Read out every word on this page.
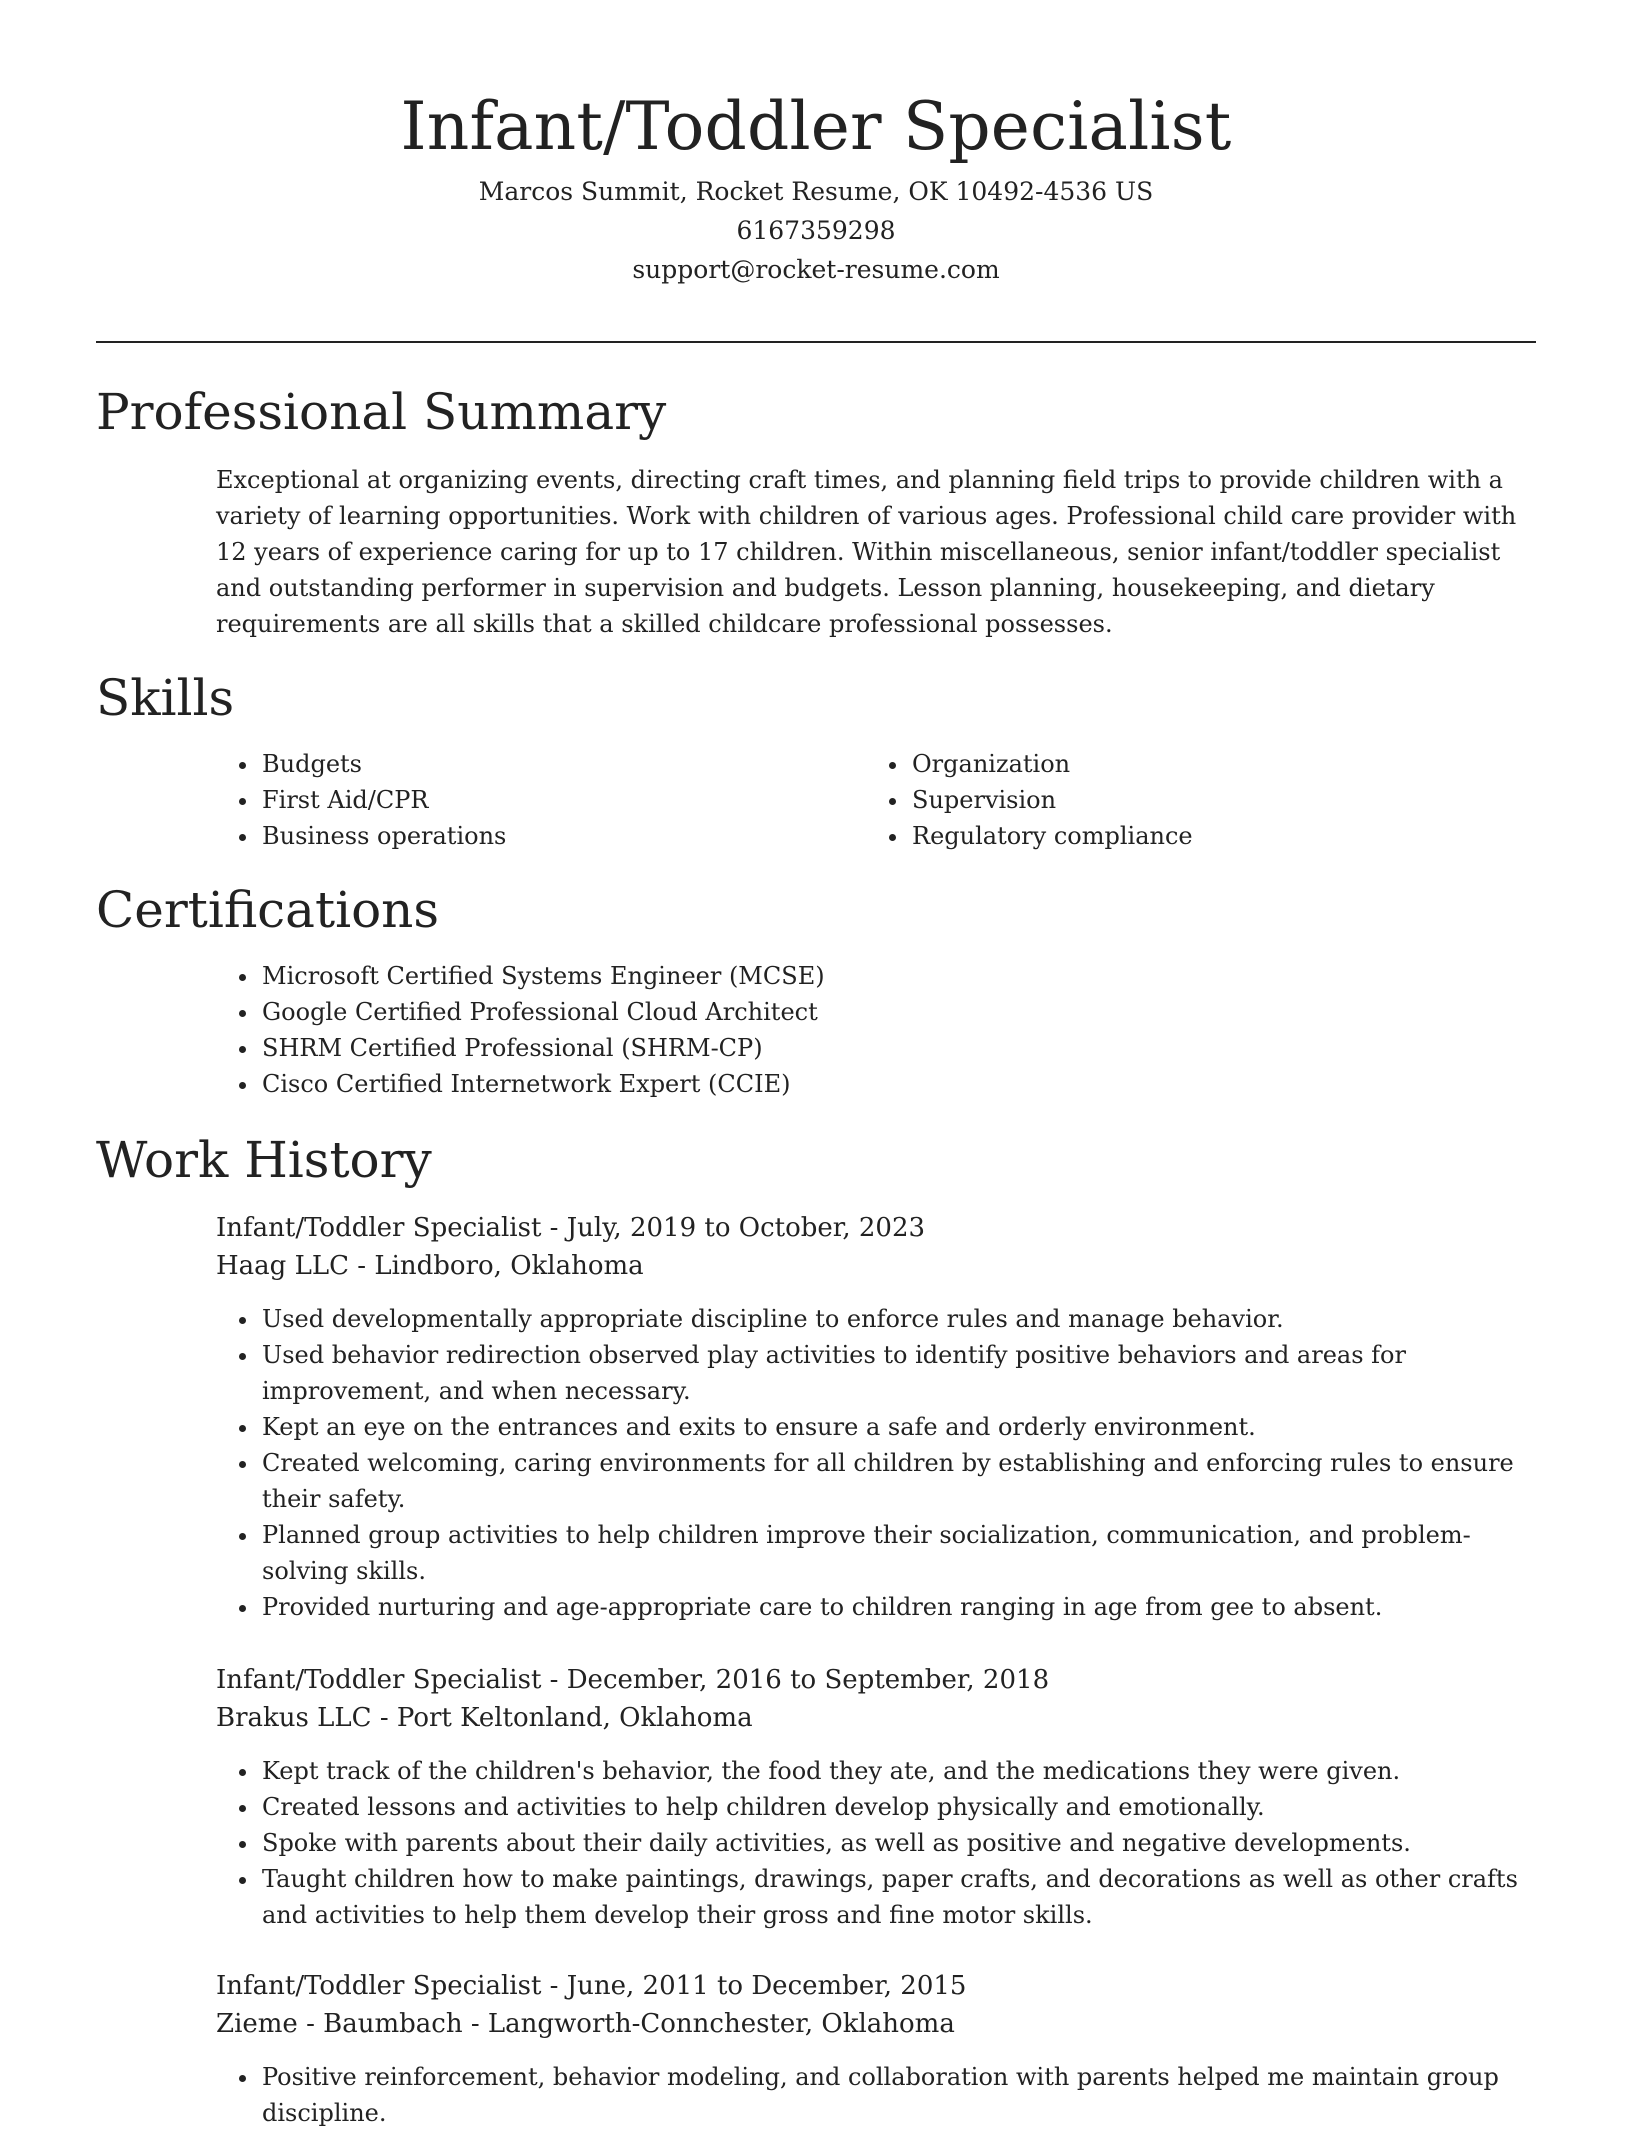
Infant/Toddler Specialist
Marcos Summit, Rocket Resume, OK 10492-4536 US
6167359298
support@rocket-resume.com
Professional Summary

Exceptional at organizing events, directing craft times, and planning field trips to provide children with a variety of learning opportunities. Work with children of various ages. Professional child care provider with 12 years of experience caring for up to 17 children. Within miscellaneous, senior infant/toddler specialist and outstanding performer in supervision and budgets. Lesson planning, housekeeping, and dietary requirements are all skills that a skilled childcare professional possesses.

Skills
• Budgets
• First Aid/CPR
• Business operations
• Organization
• Supervision
• Regulatory compliance
Certifications
• Microsoft Certified Systems Engineer (MCSE)
• Google Certified Professional Cloud Architect
• SHRM Certified Professional (SHRM-CP)
• Cisco Certified Internetwork Expert (CCIE)
Work History
Infant/Toddler Specialist - July, 2019 to October, 2023
Haag LLC - Lindboro, Oklahoma
• Used developmentally appropriate discipline to enforce rules and manage behavior.
• Used behavior redirection observed play activities to identify positive behaviors and areas for improvement, and when necessary.
• Kept an eye on the entrances and exits to ensure a safe and orderly environment.
• Created welcoming, caring environments for all children by establishing and enforcing rules to ensure their safety.
• Planned group activities to help children improve their socialization, communication, and problem-solving skills.
• Provided nurturing and age-appropriate care to children ranging in age from gee to absent.
Infant/Toddler Specialist - December, 2016 to September, 2018
Brakus LLC - Port Keltonland, Oklahoma
• Kept track of the children's behavior, the food they ate, and the medications they were given.
• Created lessons and activities to help children develop physically and emotionally.
• Spoke with parents about their daily activities, as well as positive and negative developments.
• Taught children how to make paintings, drawings, paper crafts, and decorations as well as other crafts and activities to help them develop their gross and fine motor skills.
Infant/Toddler Specialist - June, 2011 to December, 2015
Zieme - Baumbach - Langworth-Connchester, Oklahoma
• Positive reinforcement, behavior modeling, and collaboration with parents helped me maintain group discipline.
